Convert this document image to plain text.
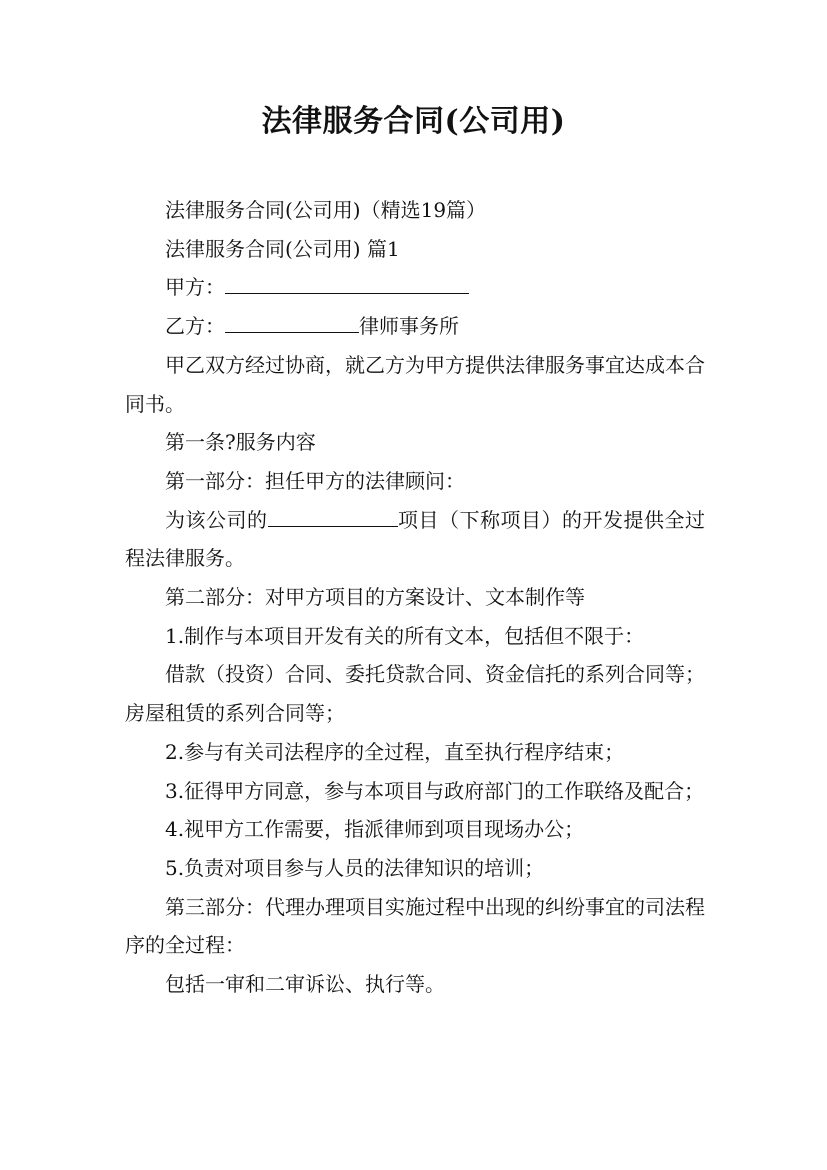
法律服务合同(公司用)

法律服务合同(公司用)（精选19篇）

法律服务合同(公司用) 篇1

甲方：

乙方：	律师事务所

甲乙双方经过协商，就乙方为甲方提供法律服务事宜达成本合同书。

第一条?服务内容

第一部分：担任甲方的法律顾问：

为该公司的	项目（下称项目）的开发提供全过程法律服务。

第二部分：对甲方项目的方案设计、文本制作等

1.制作与本项目开发有关的所有文本，包括但不限于：

借款（投资）合同、委托贷款合同、资金信托的系列合同等；房屋租赁的系列合同等；

2.参与有关司法程序的全过程，直至执行程序结束；

3.征得甲方同意，参与本项目与政府部门的工作联络及配合；

4.视甲方工作需要，指派律师到项目现场办公；

5.负责对项目参与人员的法律知识的培训；

第三部分：代理办理项目实施过程中出现的纠纷事宜的司法程序的全过程：

包括一审和二审诉讼、执行等。
